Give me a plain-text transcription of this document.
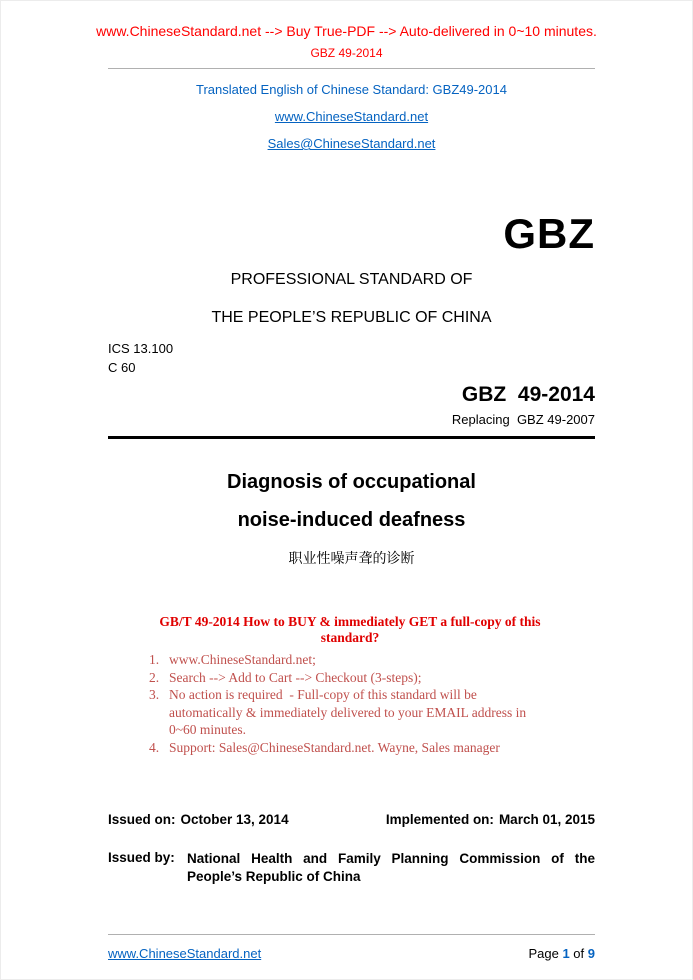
www.ChineseStandard.net --> Buy True-PDF --> Auto-delivered in 0~10 minutes.
GBZ 49-2014
Translated English of Chinese Standard: GBZ49-2014
www.ChineseStandard.net
Sales@ChineseStandard.net
GBZ
PROFESSIONAL STANDARD OF
THE PEOPLE’S REPUBLIC OF CHINA
ICS 13.100
C 60
GBZ  49-2014
Replacing  GBZ 49-2007
Diagnosis of occupational
noise-induced deafness
职业性噪声聋的诊断
GB/T 49-2014 How to BUY & immediately GET a full-copy of this standard?
1. www.ChineseStandard.net;
2. Search --> Add to Cart --> Checkout (3-steps);
3. No action is required  - Full-copy of this standard will be automatically & immediately delivered to your EMAIL address in 0~60 minutes.
4. Support: Sales@ChineseStandard.net. Wayne, Sales manager
Issued on: October 13, 2014	Implemented on: March 01, 2015
Issued by: National Health and Family Planning Commission of the People’s Republic of China
www.ChineseStandard.net	Page 1 of 9
